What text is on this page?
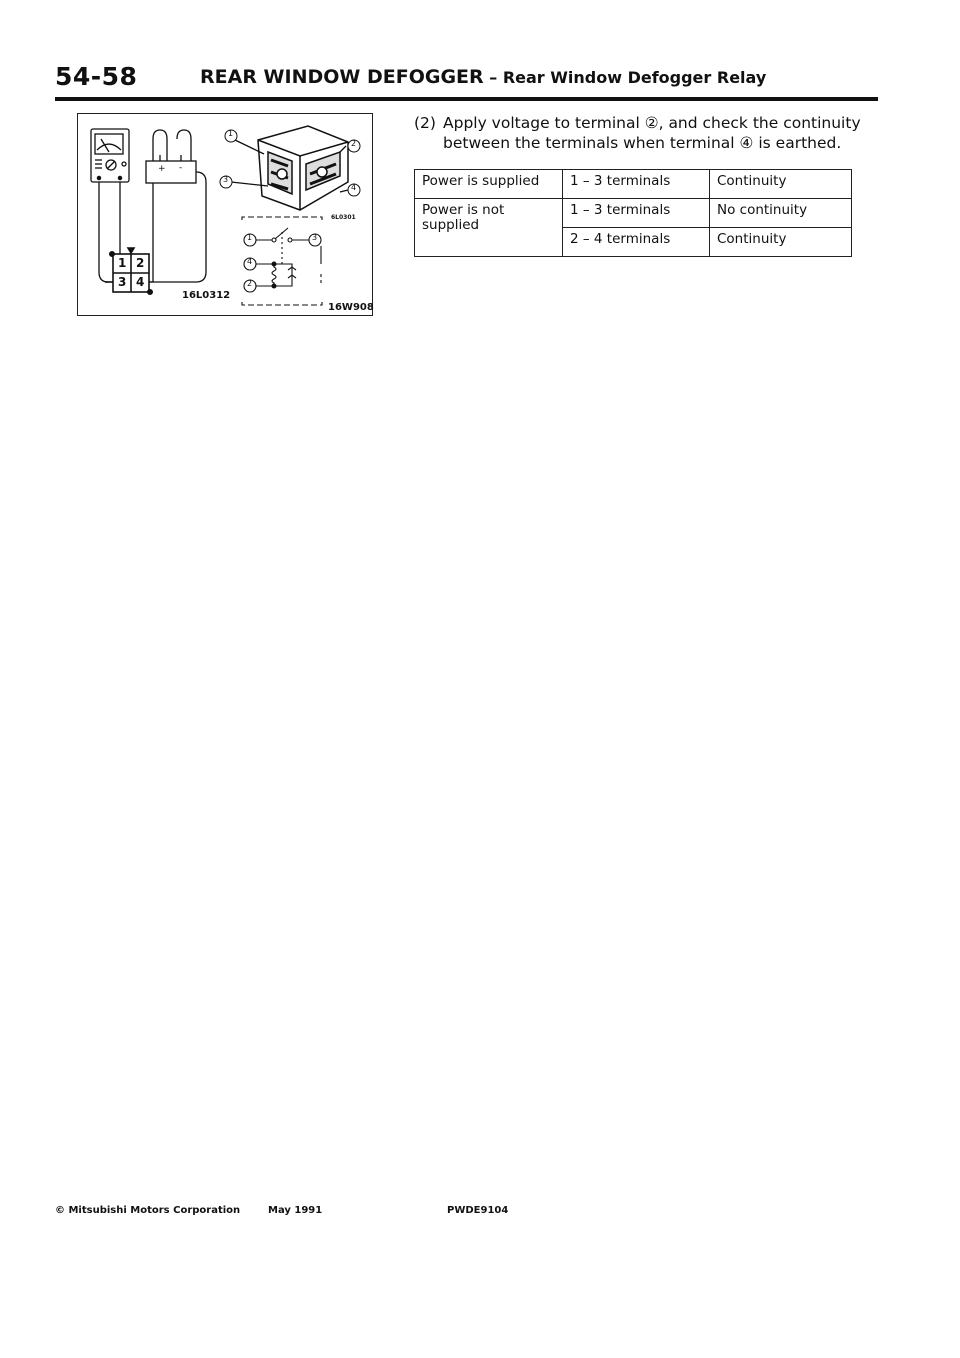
54-58	REAR WINDOW DEFOGGER – Rear Window Defogger Relay
16L0312
6L0301
16W908
+ -
1 2
3 4
1
2
3
4
1	3
4
2
(2) Apply voltage to terminal ②, and check the continuity between the terminals when terminal ④ is earthed.
Power is supplied	1 – 3 terminals	Continuity
Power is not supplied	1 – 3 terminals	No continuity
	2 – 4 terminals	Continuity
© Mitsubishi Motors Corporation	May 1991	PWDE9104
